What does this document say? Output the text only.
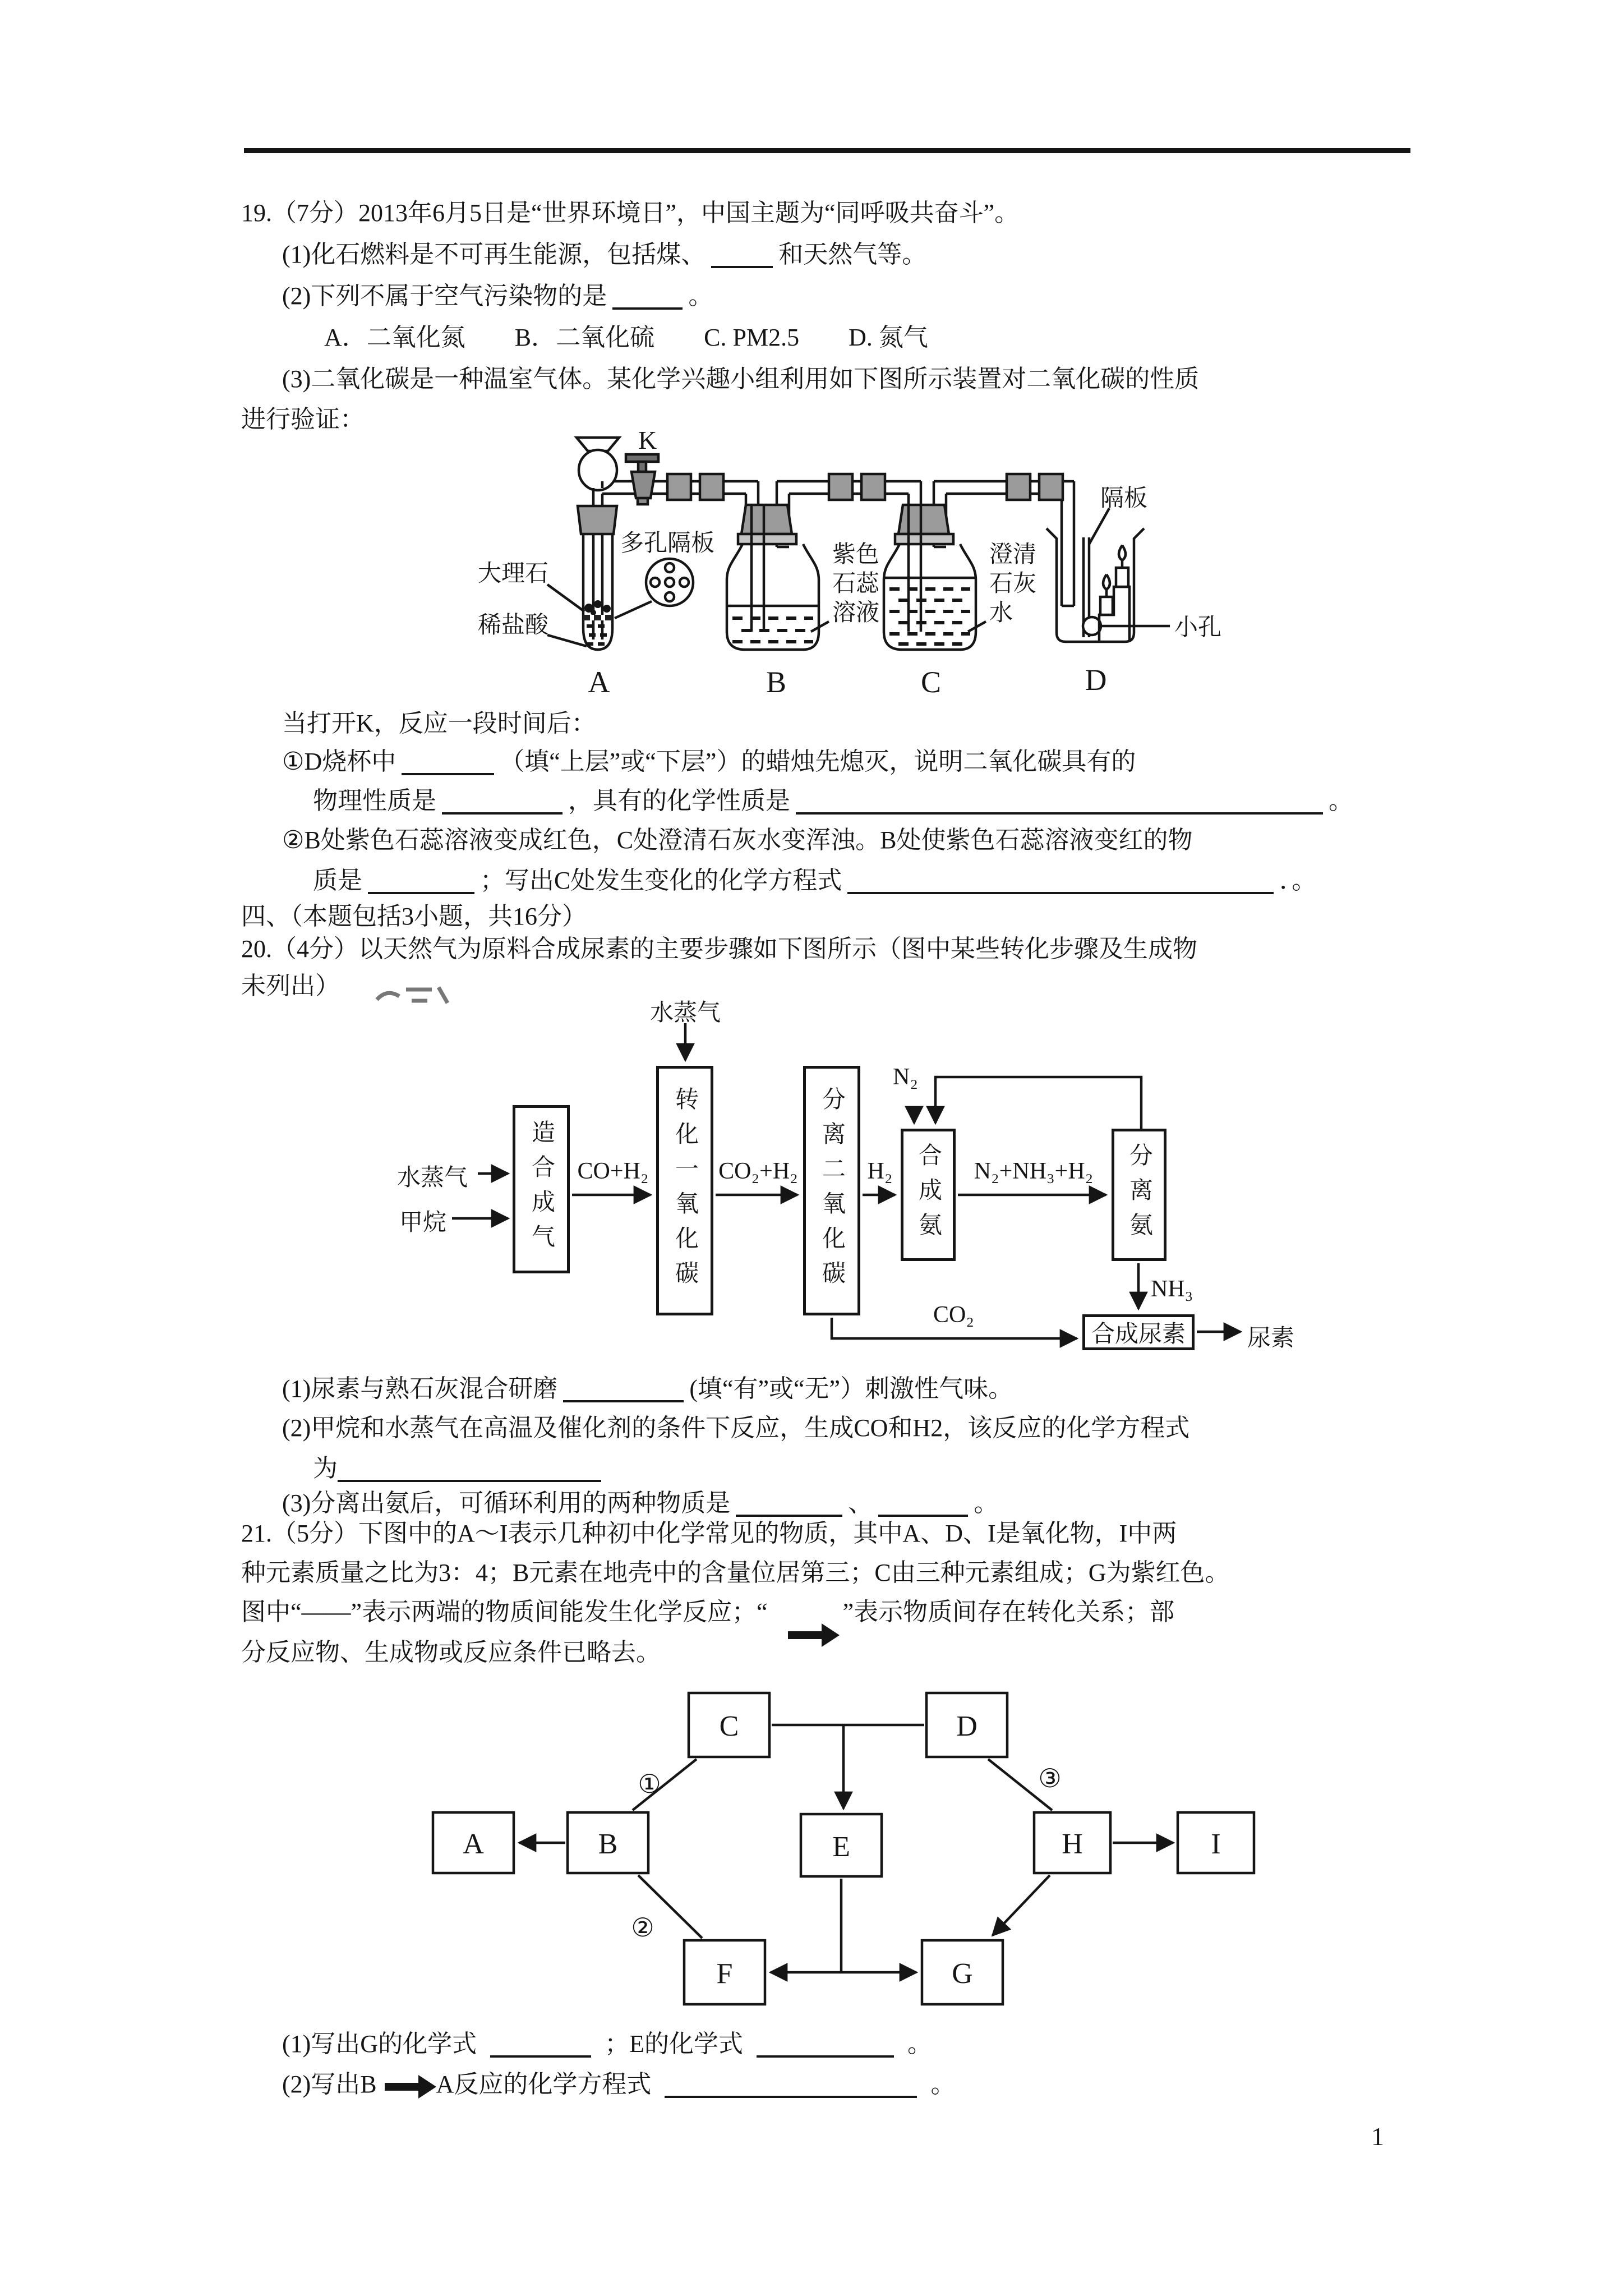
19.（7分）2013年6月5日是“世界环境日”，中国主题为“同呼吸共奋斗”。
(1)化石燃料是不可再生能源，包括煤、	和天然气等。
(2)下列不属于空气污染物的是	。
A．二氧化氮　　B．二氧化硫　　C. PM2.5　　D. 氮气
(3)二氧化碳是一种温室气体。某化学兴趣小组利用如下图所示装置对二氧化碳的性质
进行验证：
K
多孔隔板
大理石
稀盐酸
紫色
石蕊
溶液
澄清
石灰
水
隔板
小孔
A	B	C	D
当打开K，反应一段时间后：
①D烧杯中	（填“上层”或“下层”）的蜡烛先熄灭，说明二氧化碳具有的
物理性质是	，具有的化学性质是	。
②B处紫色石蕊溶液变成红色，C处澄清石灰水变浑浊。B处使紫色石蕊溶液变红的物
质是	；写出C处发生变化的化学方程式	．。
四、（本题包括3小题，共16分）
20.（4分）以天然气为原料合成尿素的主要步骤如下图所示（图中某些转化步骤及生成物
未列出）
造合成气	转化一氧化碳	分离二氧化碳	合成氨	分离氨
合成尿素
水蒸气
水蒸气
甲烷
CO+H₂	CO₂+H₂	H₂	N₂+NH₃+H₂
N₂
NH₃
CO₂
尿素
(1)尿素与熟石灰混合研磨	(填“有”或“无”）刺激性气味。
(2)甲烷和水蒸气在高温及催化剂的条件下反应，生成CO和H2，该反应的化学方程式
为
(3)分离出氨后，可循环利用的两种物质是	、	。
21.（5分）下图中的A～I表示几种初中化学常见的物质，其中A、D、I是氧化物，I中两
种元素质量之比为3：4；B元素在地壳中的含量位居第三；C由三种元素组成；G为紫红色。
图中“——”表示两端的物质间能发生化学反应；“	”表示物质间存在转化关系；部
分反应物、生成物或反应条件已略去。
A	B
C	D
E
F	G
H	I
①
②
③
(1)写出G的化学式	；E的化学式	。
(2)写出B A反应的化学方程式	。
1
